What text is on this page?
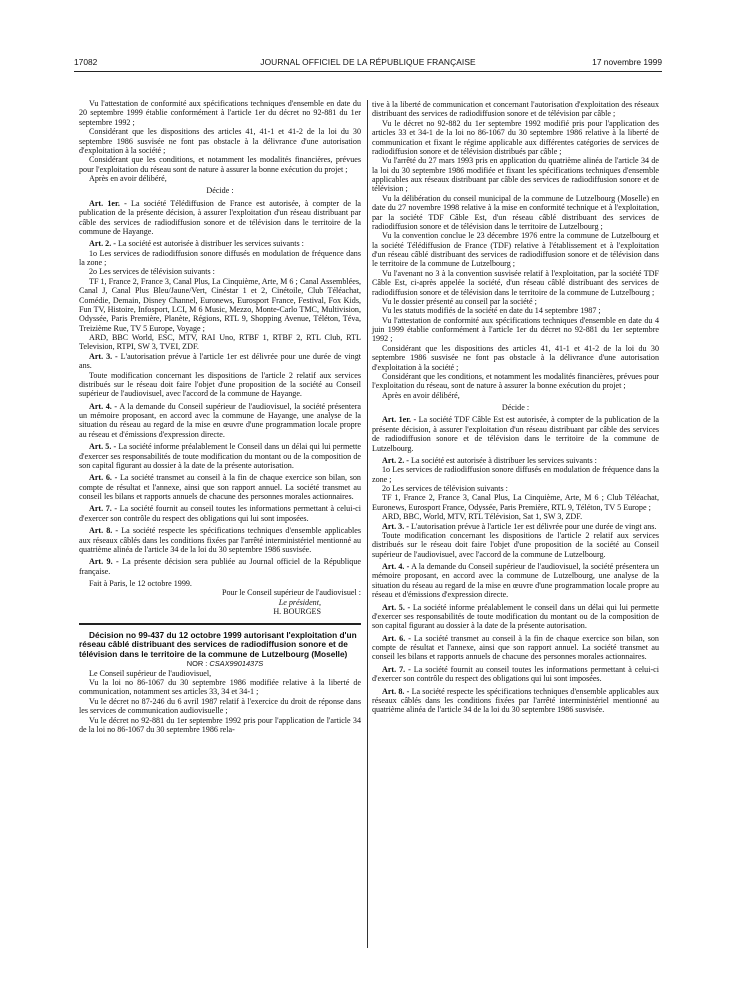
17082	JOURNAL OFFICIEL DE LA RÉPUBLIQUE FRANÇAISE	17 novembre 1999

Vu l'attestation de conformité aux spécifications techniques d'ensemble en date du 20 septembre 1999 établie conformément à l'article 1er du décret no 92-881 du 1er septembre 1992 ;

Considérant que les dispositions des articles 41, 41-1 et 41-2 de la loi du 30 septembre 1986 susvisée ne font pas obstacle à la délivrance d'une autorisation d'exploitation à la société ;

Considérant que les conditions, et notamment les modalités financières, prévues pour l'exploitation du réseau sont de nature à assurer la bonne exécution du projet ;

Après en avoir délibéré,

Décide :

Art. 1er. - La société Télédiffusion de France est autorisée, à compter de la publication de la présente décision, à assurer l'exploitation d'un réseau distribuant par câble des services de radiodiffusion sonore et de télévision dans le territoire de la commune de Hayange.

Art. 2. - La société est autorisée à distribuer les services suivants :

1o Les services de radiodiffusion sonore diffusés en modulation de fréquence dans la zone ;

2o Les services de télévision suivants :

TF 1, France 2, France 3, Canal Plus, La Cinquième, Arte, M 6 ; Canal Assemblées, Canal J, Canal Plus Bleu/Jaune/Vert, Cinéstar 1 et 2, Cinétoile, Club Téléachat, Comédie, Demain, Disney Channel, Euronews, Eurosport France, Festival, Fox Kids, Fun TV, Histoire, Infosport, LCI, M 6 Music, Mezzo, Monte-Carlo TMC, Multivision, Odyssée, Paris Première, Planète, Régions, RTL 9, Shopping Avenue, Téléton, Téva, Treizième Rue, TV 5 Europe, Voyage ;

ARD, BBC World, ESC, MTV, RAI Uno, RTBF 1, RTBF 2, RTL Club, RTL Television, RTPI, SW 3, TVEI, ZDF.

Art. 3. - L'autorisation prévue à l'article 1er est délivrée pour une durée de vingt ans.

Toute modification concernant les dispositions de l'article 2 relatif aux services distribués sur le réseau doit faire l'objet d'une proposition de la société au Conseil supérieur de l'audiovisuel, avec l'accord de la commune de Hayange.

Art. 4. - A la demande du Conseil supérieur de l'audiovisuel, la société présentera un mémoire proposant, en accord avec la commune de Hayange, une analyse de la situation du réseau au regard de la mise en œuvre d'une programmation locale propre au réseau et d'émissions d'expression directe.

Art. 5. - La société informe préalablement le Conseil dans un délai qui lui permette d'exercer ses responsabilités de toute modification du montant ou de la composition de son capital figurant au dossier à la date de la présente autorisation.

Art. 6. - La société transmet au conseil à la fin de chaque exercice son bilan, son compte de résultat et l'annexe, ainsi que son rapport annuel. La société transmet au conseil les bilans et rapports annuels de chacune des personnes morales actionnaires.

Art. 7. - La société fournit au conseil toutes les informations permettant à celui-ci d'exercer son contrôle du respect des obligations qui lui sont imposées.

Art. 8. - La société respecte les spécifications techniques d'ensemble applicables aux réseaux câblés dans les conditions fixées par l'arrêté interministériel mentionné au quatrième alinéa de l'article 34 de la loi du 30 septembre 1986 susvisée.

Art. 9. - La présente décision sera publiée au Journal officiel de la République française.

Fait à Paris, le 12 octobre 1999.

Pour le Conseil supérieur de l'audiovisuel :

Le président,

H. BOURGES

Décision no 99-437 du 12 octobre 1999 autorisant l'exploitation d'un réseau câblé distribuant des services de radiodiffusion sonore et de télévision dans le territoire de la commune de Lutzelbourg (Moselle)

NOR : CSAX9901437S

Le Conseil supérieur de l'audiovisuel,

Vu la loi no 86-1067 du 30 septembre 1986 modifiée relative à la liberté de communication, notamment ses articles 33, 34 et 34-1 ;

Vu le décret no 87-246 du 6 avril 1987 relatif à l'exercice du droit de réponse dans les services de communication audiovisuelle ;

Vu le décret no 92-881 du 1er septembre 1992 pris pour l'application de l'article 34 de la loi no 86-1067 du 30 septembre 1986 rela-

tive à la liberté de communication et concernant l'autorisation d'exploitation des réseaux distribuant des services de radiodiffusion sonore et de télévision par câble ;

Vu le décret no 92-882 du 1er septembre 1992 modifié pris pour l'application des articles 33 et 34-1 de la loi no 86-1067 du 30 septembre 1986 relative à la liberté de communication et fixant le régime applicable aux différentes catégories de services de radiodiffusion sonore et de télévision distribués par câble ;

Vu l'arrêté du 27 mars 1993 pris en application du quatrième alinéa de l'article 34 de la loi du 30 septembre 1986 modifiée et fixant les spécifications techniques d'ensemble applicables aux réseaux distribuant par câble des services de radiodiffusion sonore et de télévision ;

Vu la délibération du conseil municipal de la commune de Lutzelbourg (Moselle) en date du 27 novembre 1998 relative à la mise en conformité technique et à l'exploitation, par la société TDF Câble Est, d'un réseau câblé distribuant des services de radiodiffusion sonore et de télévision dans le territoire de Lutzelbourg ;

Vu la convention conclue le 23 décembre 1976 entre la commune de Lutzelbourg et la société Télédiffusion de France (TDF) relative à l'établissement et à l'exploitation d'un réseau câblé distribuant des services de radiodiffusion sonore et de télévision dans le territoire de la commune de Lutzelbourg ;

Vu l'avenant no 3 à la convention susvisée relatif à l'exploitation, par la société TDF Câble Est, ci-après appelée la société, d'un réseau câblé distribuant des services de radiodiffusion sonore et de télévision dans le territoire de la commune de Lutzelbourg ;

Vu le dossier présenté au conseil par la société ;

Vu les statuts modifiés de la société en date du 14 septembre 1987 ;

Vu l'attestation de conformité aux spécifications techniques d'ensemble en date du 4 juin 1999 établie conformément à l'article 1er du décret no 92-881 du 1er septembre 1992 ;

Considérant que les dispositions des articles 41, 41-1 et 41-2 de la loi du 30 septembre 1986 susvisée ne font pas obstacle à la délivrance d'une autorisation d'exploitation à la société ;

Considérant que les conditions, et notamment les modalités financières, prévues pour l'exploitation du réseau, sont de nature à assurer la bonne exécution du projet ;

Après en avoir délibéré,

Décide :

Art. 1er. - La société TDF Câble Est est autorisée, à compter de la publication de la présente décision, à assurer l'exploitation d'un réseau distribuant par câble des services de radiodiffusion sonore et de télévision dans le territoire de la commune de Lutzelbourg.

Art. 2. - La société est autorisée à distribuer les services suivants :

1o Les services de radiodiffusion sonore diffusés en modulation de fréquence dans la zone ;

2o Les services de télévision suivants :

TF 1, France 2, France 3, Canal Plus, La Cinquième, Arte, M 6 ; Club Téléachat, Euronews, Eurosport France, Odyssée, Paris Première, RTL 9, Téléton, TV 5 Europe ;

ARD, BBC, World, MTV, RTL Télévision, Sat 1, SW 3, ZDF.

Art. 3. - L'autorisation prévue à l'article 1er est délivrée pour une durée de vingt ans.

Toute modification concernant les dispositions de l'article 2 relatif aux services distribués sur le réseau doit faire l'objet d'une proposition de la société au Conseil supérieur de l'audiovisuel, avec l'accord de la commune de Lutzelbourg.

Art. 4. - A la demande du Conseil supérieur de l'audiovisuel, la société présentera un mémoire proposant, en accord avec la commune de Lutzelbourg, une analyse de la situation du réseau au regard de la mise en œuvre d'une programmation locale propre au réseau et d'émissions d'expression directe.

Art. 5. - La société informe préalablement le conseil dans un délai qui lui permette d'exercer ses responsabilités de toute modification du montant ou de la composition de son capital figurant au dossier à la date de la présente autorisation.

Art. 6. - La société transmet au conseil à la fin de chaque exercice son bilan, son compte de résultat et l'annexe, ainsi que son rapport annuel. La société transmet au conseil les bilans et rapports annuels de chacune des personnes morales actionnaires.

Art. 7. - La société fournit au conseil toutes les informations permettant à celui-ci d'exercer son contrôle du respect des obligations qui lui sont imposées.

Art. 8. - La société respecte les spécifications techniques d'ensemble applicables aux réseaux câblés dans les conditions fixées par l'arrêté interministériel mentionné au quatrième alinéa de l'article 34 de la loi du 30 septembre 1986 susvisée.
